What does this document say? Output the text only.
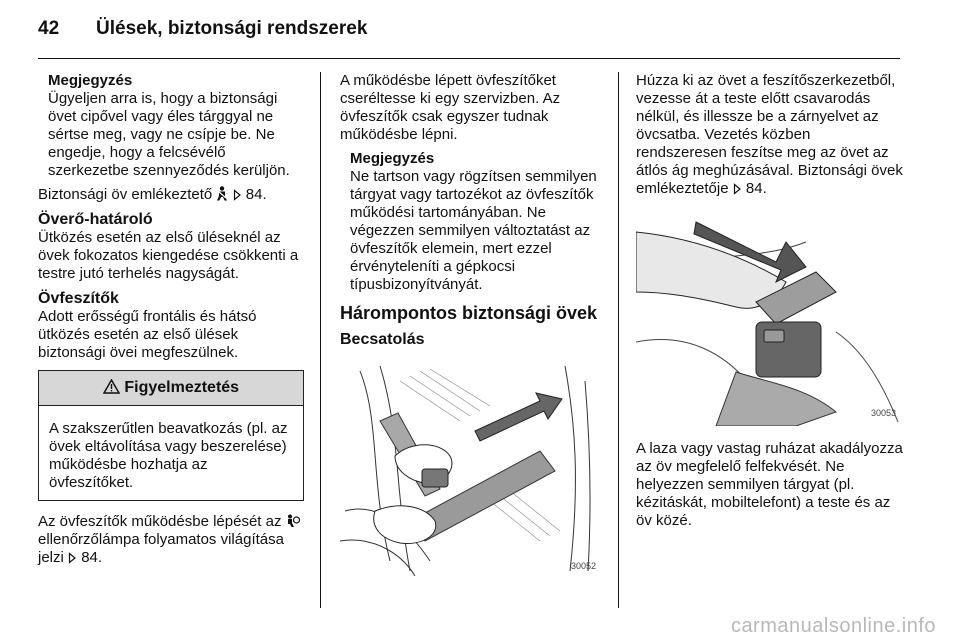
42 Ülések, biztonsági rendszerek
Megjegyzés
Ügyeljen arra is, hogy a biztonsági övet cipővel vagy éles tárggyal ne sértse meg, vagy ne csípje be. Ne engedje, hogy a felcsévélő szerkezetbe szennyeződés kerüljön.

Biztonsági öv emlékeztető 84.

Överő-határoló

Ütközés esetén az első üléseknél az övek fokozatos kiengedése csökkenti a testre jutó terhelés nagyságát.

Övfeszítők

Adott erősségű frontális és hátsó ütközés esetén az első ülések biztonsági övei megfeszülnek.

Figyelmeztetés
A szakszerűtlen beavatkozás (pl. az övek eltávolítása vagy beszerelése) működésbe hozhatja az övfeszítőket.

Az övfeszítők működésbe lépését az  ellenőrzőlámpa folyamatos világítása jelzi 84.

A működésbe lépett övfeszítőket cseréltesse ki egy szervizben. Az övfeszítők csak egyszer tudnak működésbe lépni.

Megjegyzés
Ne tartson vagy rögzítsen semmilyen tárgyat vagy tartozékot az övfeszítők működési tartományában. Ne végezzen semmilyen változtatást az övfeszítők elemein, mert ezzel érvényteleníti a gépkocsi típusbizonyítványát.
Hárompontos biztonsági övek
Becsatolás
30052

Húzza ki az övet a feszítőszerkezetből, vezesse át a teste előtt csavarodás nélkül, és illessze be a zárnyelvet az övcsatba. Vezetés közben rendszeresen feszítse meg az övet az átlós ág meghúzásával. Biztonsági övek emlékeztetője 84.

30053

A laza vagy vastag ruházat akadályozza az öv megfelelő felfekvését. Ne helyezzen semmilyen tárgyat (pl. kézitáskát, mobiltelefont) a teste és az öv közé.

carmanualsonline.info
